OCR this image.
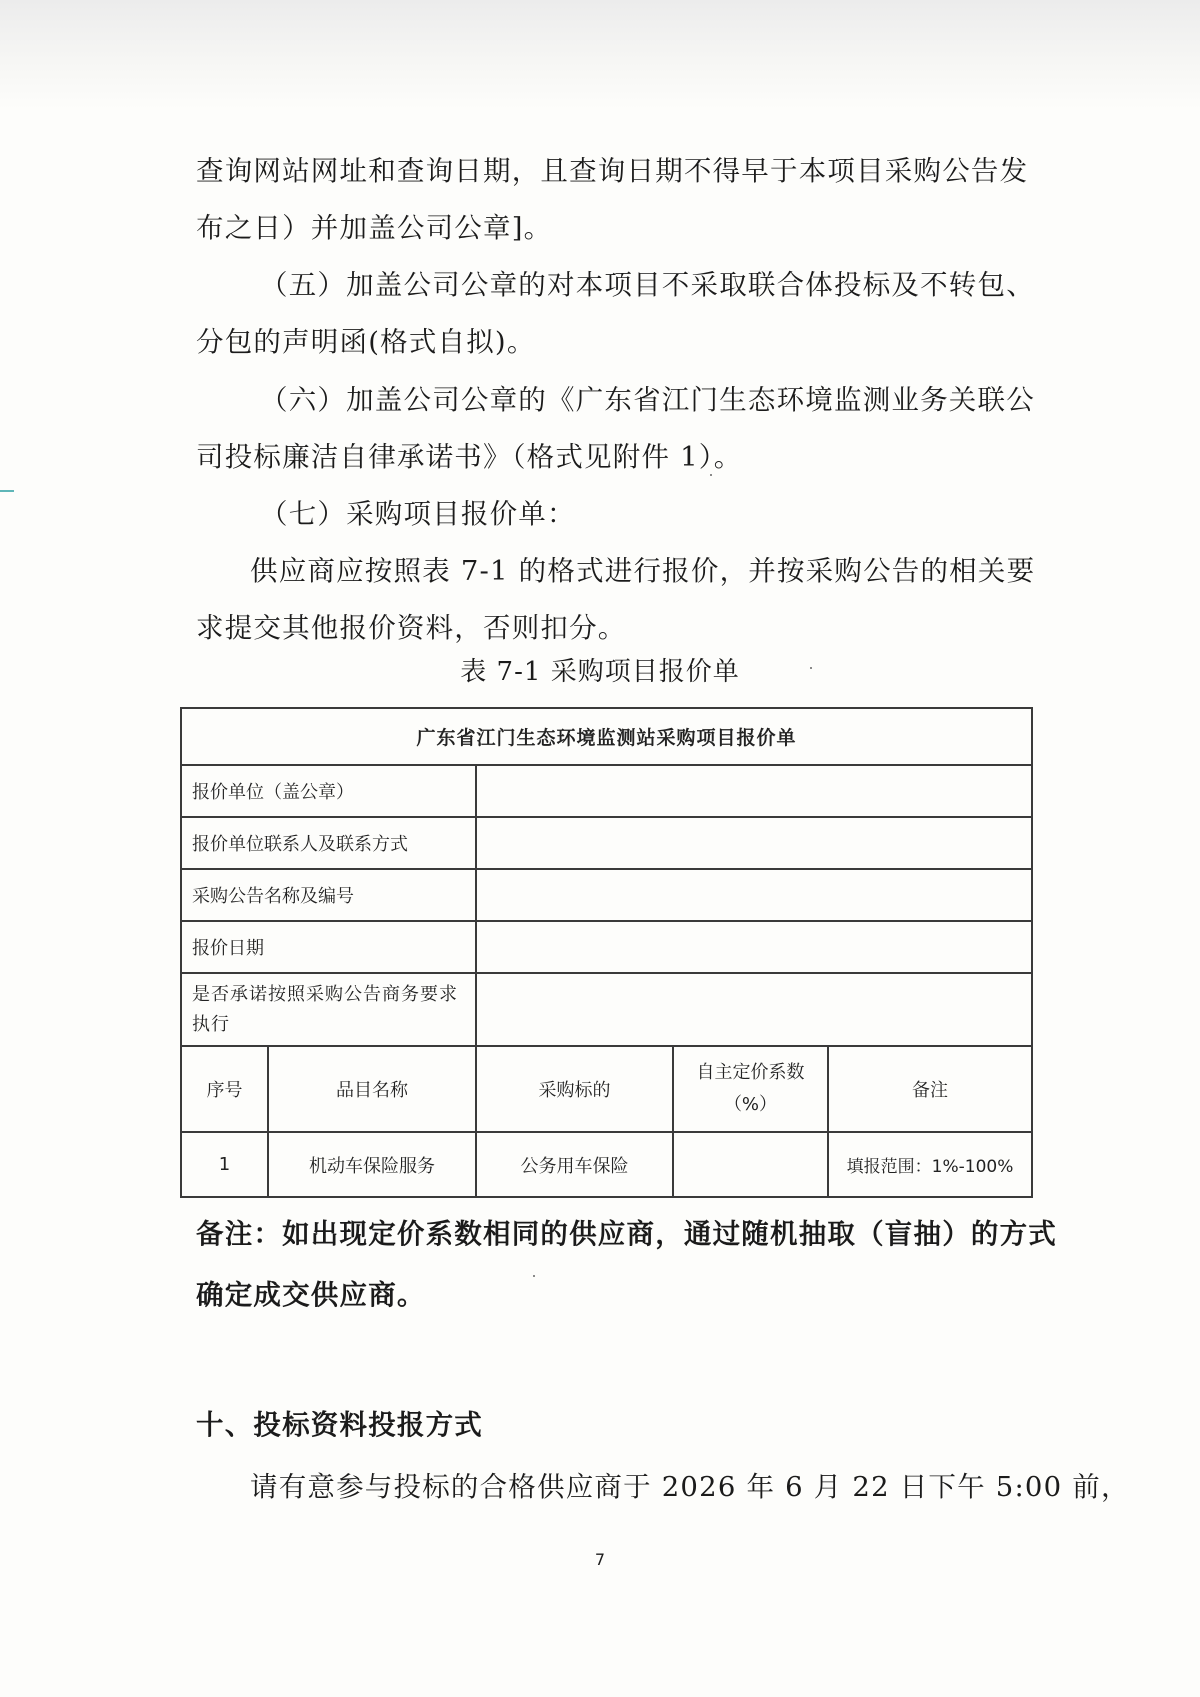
查询网站网址和查询日期，且查询日期不得早于本项目采购公告发
布之日）并加盖公司公章]。
（五）加盖公司公章的对本项目不采取联合体投标及不转包、
分包的声明函(格式自拟)。
（六）加盖公司公章的《广东省江门生态环境监测业务关联公
司投标廉洁自律承诺书》（格式见附件 1）。
（七）采购项目报价单：
供应商应按照表 7-1 的格式进行报价，并按采购公告的相关要
求提交其他报价资料，否则扣分。
表 7-1 采购项目报价单
广东省江门生态环境监测站采购项目报价单				
报价单位（盖公章）				
报价单位联系人及联系方式				
采购公告名称及编号				
报价日期				
是否承诺按照采购公告商务要求执行				
序号	品目名称	采购标的	自主定价系数（%）	备注
1	机动车保险服务	公务用车保险		填报范围：1%-100%
备注：如出现定价系数相同的供应商，通过随机抽取（盲抽）的方式
确定成交供应商。
十、投标资料投报方式
请有意参与投标的合格供应商于 2026 年 6 月 22 日下午 5:00 前，
7
